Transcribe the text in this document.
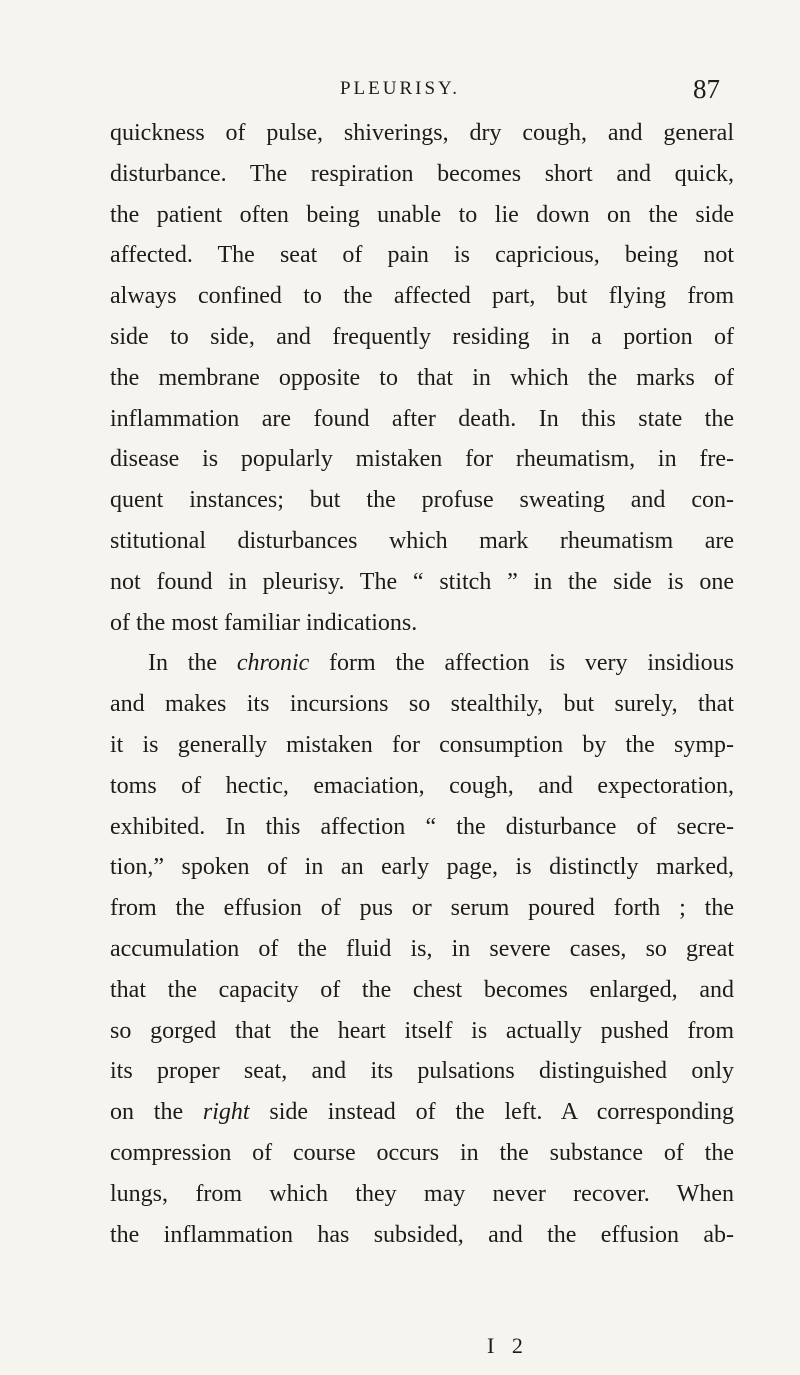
PLEURISY.	87
quickness of pulse, shiverings, dry cough, and general
disturbance. The respiration becomes short and quick,
the patient often being unable to lie down on the side
affected. The seat of pain is capricious, being not
always confined to the affected part, but flying from
side to side, and frequently residing in a portion of
the membrane opposite to that in which the marks of
inflammation are found after death. In this state the
disease is popularly mistaken for rheumatism, in fre-
quent instances; but the profuse sweating and con-
stitutional disturbances which mark rheumatism are
not found in pleurisy. The “ stitch ” in the side is one
of the most familiar indications.
In the chronic form the affection is very insidious
and makes its incursions so stealthily, but surely, that
it is generally mistaken for consumption by the symp-
toms of hectic, emaciation, cough, and expectoration,
exhibited. In this affection “ the disturbance of secre-
tion,” spoken of in an early page, is distinctly marked,
from the effusion of pus or serum poured forth ; the
accumulation of the fluid is, in severe cases, so great
that the capacity of the chest becomes enlarged, and
so gorged that the heart itself is actually pushed from
its proper seat, and its pulsations distinguished only
on the right side instead of the left. A corresponding
compression of course occurs in the substance of the
lungs, from which they may never recover. When
the inflammation has subsided, and the effusion ab-
I 2
